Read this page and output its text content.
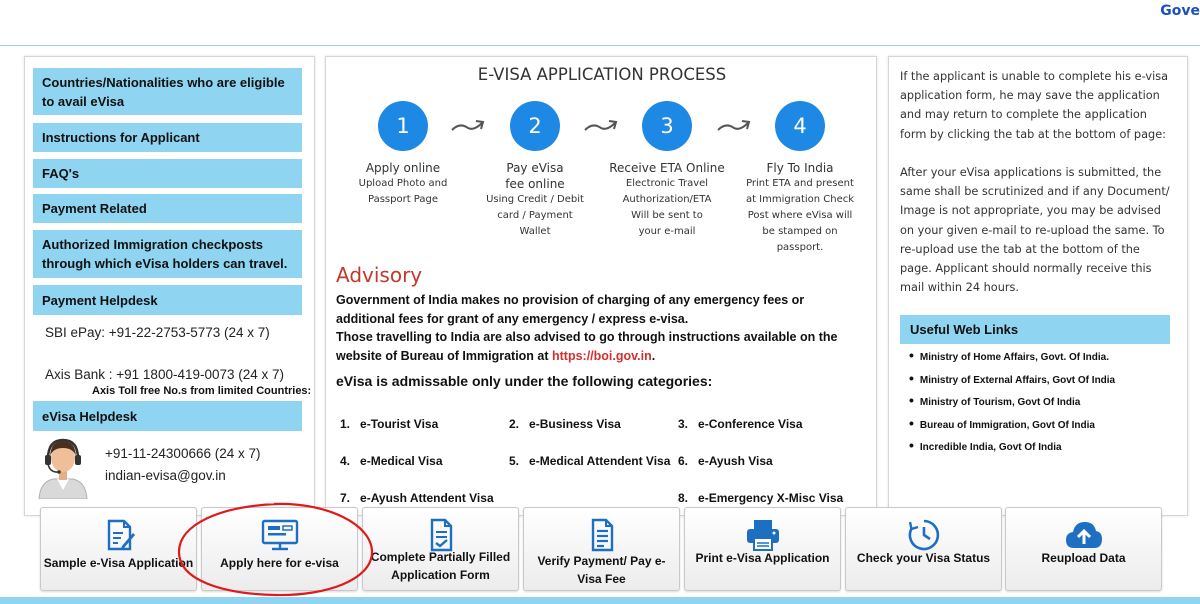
Gove
Countries/Nationalities who are eligible to avail eVisa
Instructions for Applicant
FAQ's
Payment Related
Authorized Immigration checkposts through which eVisa holders can travel.
Payment Helpdesk
SBI ePay: +91-22-2753-5773 (24 x 7)
Axis Bank : +91 1800-419-0073 (24 x 7)
Axis Toll free No.s from limited Countries:
eVisa Helpdesk
+91-11-24300666 (24 x 7)
indian-evisa@gov.in
E-VISA APPLICATION PROCESS
1
Apply online
Upload Photo and Passport Page
2
Pay eVisa fee online
Using Credit / Debit card / Payment Wallet
3
Receive ETA Online
Electronic Travel Authorization/ETA Will be sent to your e-mail
4
Fly To India
Print ETA and present at Immigration Check Post where eVisa will be stamped on passport.
Advisory
Government of India makes no provision of charging of any emergency fees or additional fees for grant of any emergency / express e-visa.
Those travelling to India are also advised to go through instructions available on the website of Bureau of Immigration at https://boi.gov.in.
eVisa is admissable only under the following categories:
1. e-Tourist Visa	2. e-Business Visa	3. e-Conference Visa
4. e-Medical Visa	5. e-Medical Attendent Visa 6. e-Ayush Visa
7. e-Ayush Attendent Visa	8. e-Emergency X-Misc Visa
If the applicant is unable to complete his e-visa application form, he may save the application and may return to complete the application form by clicking the tab at the bottom of page:
After your eVisa applications is submitted, the same shall be scrutinized and if any Document/ Image is not appropriate, you may be advised on your given e-mail to re-upload the same. To re-upload use the tab at the bottom of the page. Applicant should normally receive this mail within 24 hours.
Useful Web Links
• Ministry of Home Affairs, Govt. Of India.
• Ministry of External Affairs, Govt Of India
• Ministry of Tourism, Govt Of India
• Bureau of Immigration, Govt Of India
• Incredible India, Govt Of India
Sample e-Visa Application	Apply here for e-visa	Complete Partially Filled Application Form
Verify Payment/ Pay e-Visa Fee
Print e-Visa Application	Check your Visa Status	Reupload Data
